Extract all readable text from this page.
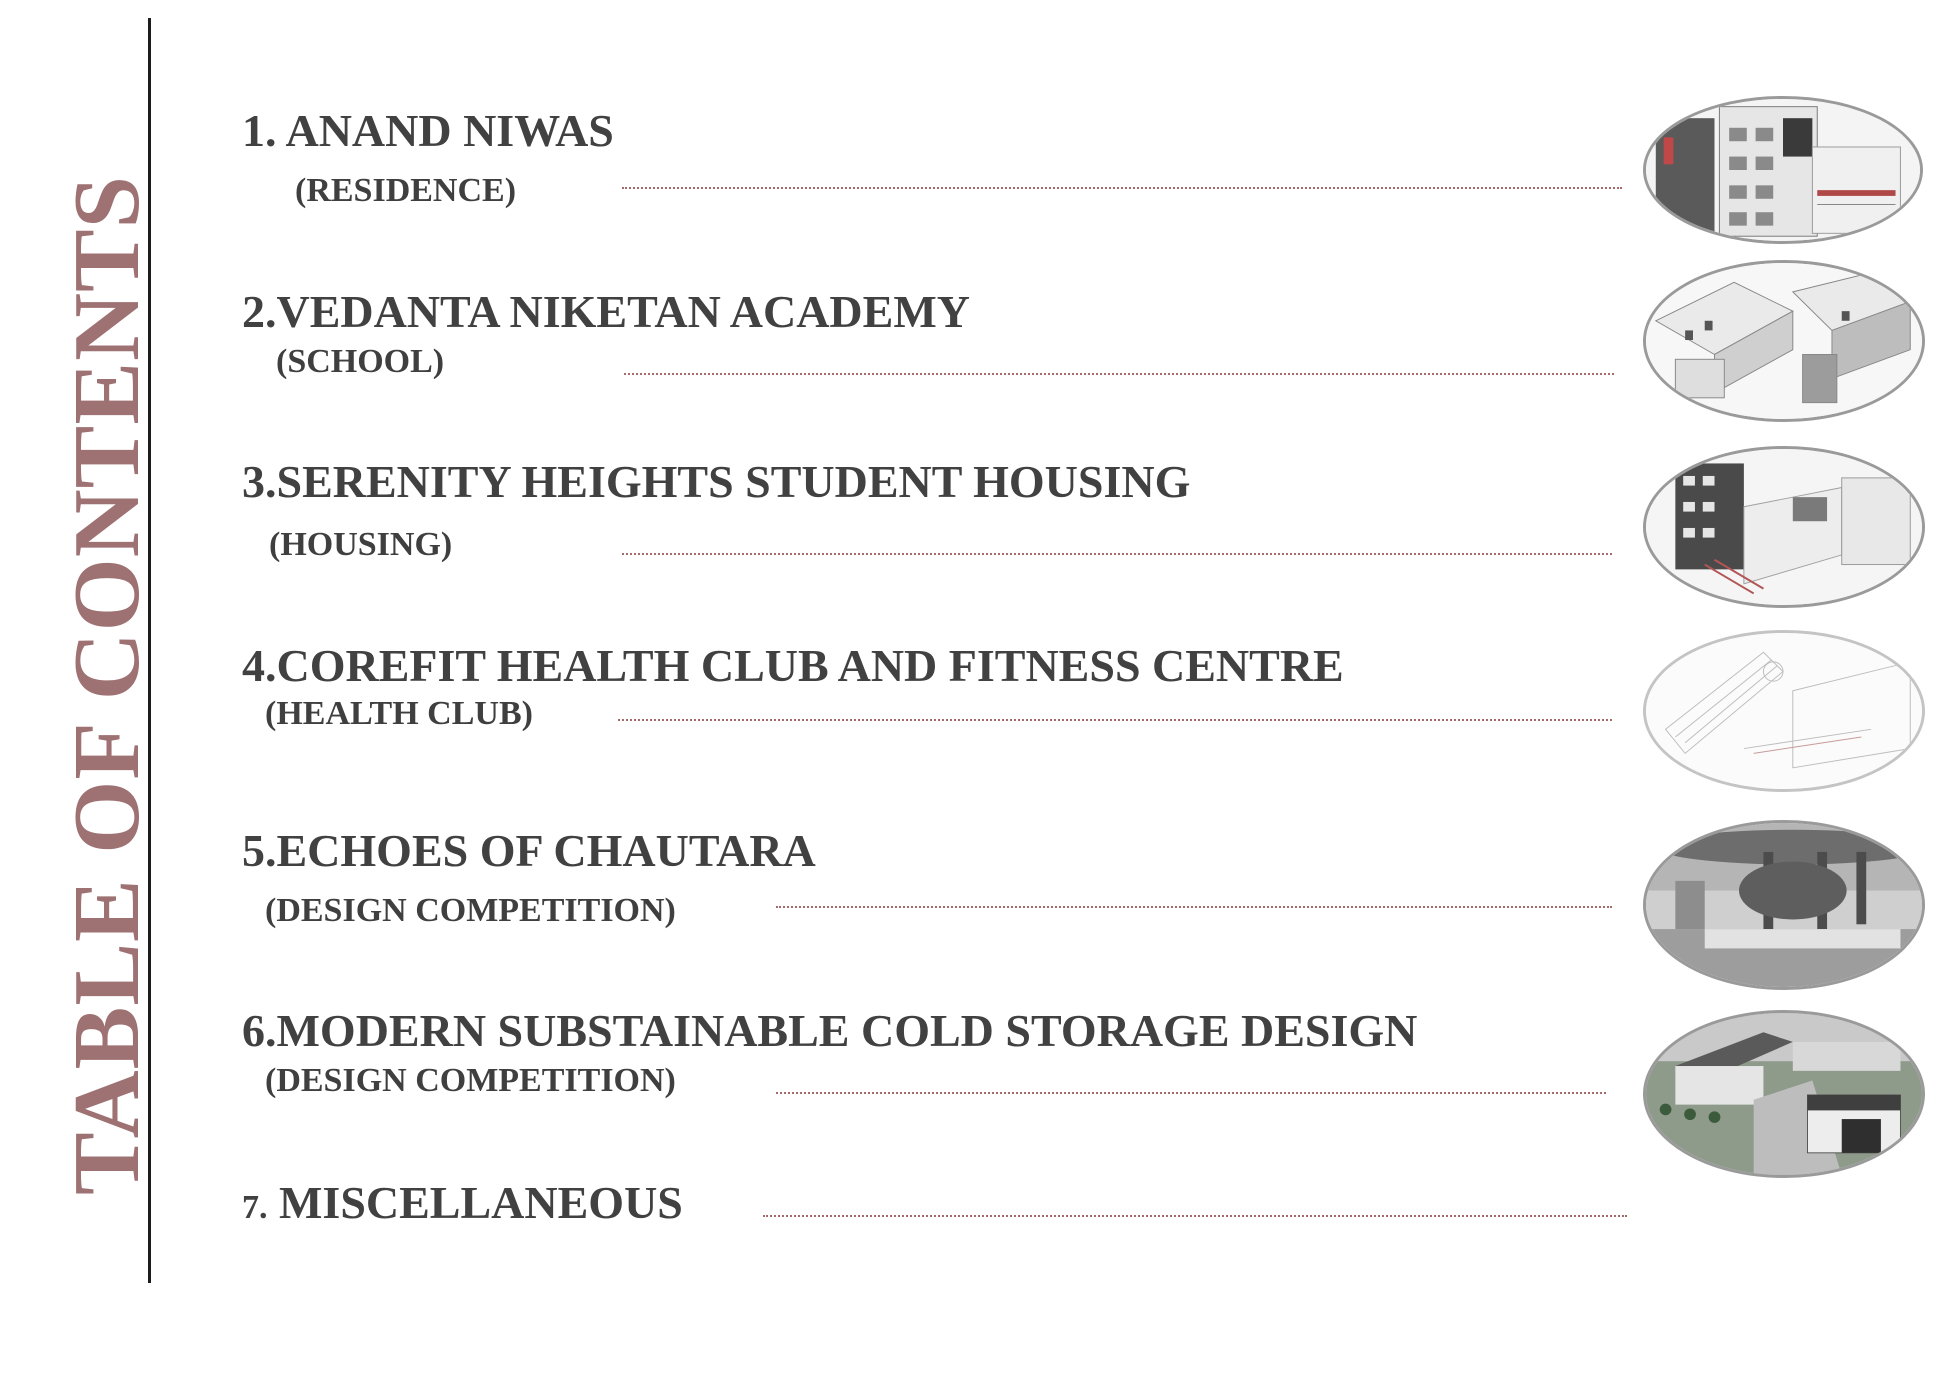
TABLE OF CONTENTS
1. ANAND NIWAS
(RESIDENCE)
2.VEDANTA NIKETAN ACADEMY
(SCHOOL)
3.SERENITY HEIGHTS STUDENT HOUSING
(HOUSING)
4.COREFIT HEALTH CLUB AND FITNESS CENTRE
(HEALTH CLUB)
5.ECHOES OF CHAUTARA
(DESIGN COMPETITION)
6.MODERN SUBSTAINABLE COLD STORAGE DESIGN
(DESIGN COMPETITION)
7. MISCELLANEOUS
